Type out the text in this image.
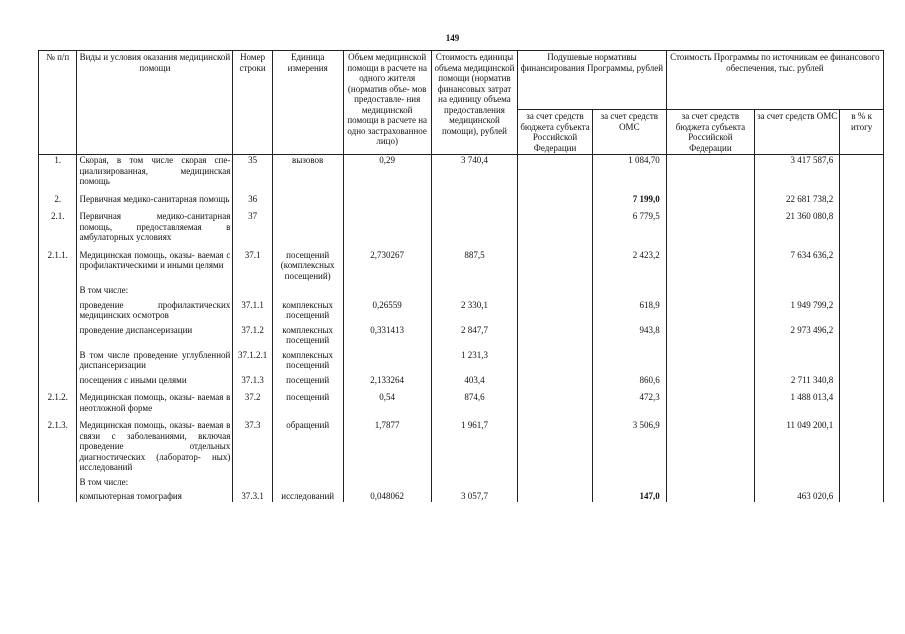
149
№ п/п	Виды и условия оказания медицинской помощи	Номер строки	Единица измерения	Объем медицинской помощи в расчете на одного жителя (норматив объе- мов предоставле- ния медицинской помощи в расчете на одно застрахованное лицо)	Стоимость единицы объема медицинской помощи (норматив финансовых затрат на единицу объема предоставления медицинской помощи), рублей	Подушевые нормативы финансирования Программы, рублей		Стоимость Программы по источникам ее финансового обеспечения, тыс. рублей		
						за счет средств бюджета субъекта Российской Федерации	за счет средств ОМС	за счет средств бюджета субъекта Российской Федерации	за счет средств ОМС	в % к итогу
1.	Скорая, в том числе скорая спе- циализированная, медицинская помощь	35	вызовов	0,29	3 740,4		1 084,70		3 417 587,6	
2.	Первичная медико-санитарная помощь	36					7 199,0		22 681 738,2	
2.1.	Первичная медико-санитарная помощь, предоставляемая в амбулаторных условиях	37					6 779,5		21 360 080,8	
2.1.1.	Медицинская помощь, оказы- ваемая с профилактическими и иными целями	37.1	посещений (комплексных посещений)	2,730267	887,5		2 423,2		7 634 636,2	
	В том числе:									
	проведение профилактических медицинских осмотров	37.1.1	комплексных посещений	0,26559	2 330,1		618,9		1 949 799,2	
	проведение диспансеризации	37.1.2	комплексных посещений	0,331413	2 847,7		943,8		2 973 496,2	
	В том числе проведение углубленной диспансеризации	37.1.2.1	комплексных посещений		1 231,3					
	посещения с иными целями	37.1.3	посещений	2,133264	403,4		860,6		2 711 340,8	
2.1.2.	Медицинская помощь, оказы- ваемая в неотложной форме	37.2	посещений	0,54	874,6		472,3		1 488 013,4	
2.1.3.	Медицинская помощь, оказы- ваемая в связи с заболеваниями, включая проведение отдельных диагностических (лаборатор- ных) исследований	37.3	обращений	1,7877	1 961,7		3 506,9		11 049 200,1	
	В том числе:									
	компьютерная томография	37.3.1	исследований	0,048062	3 057,7		147,0		463 020,6	
